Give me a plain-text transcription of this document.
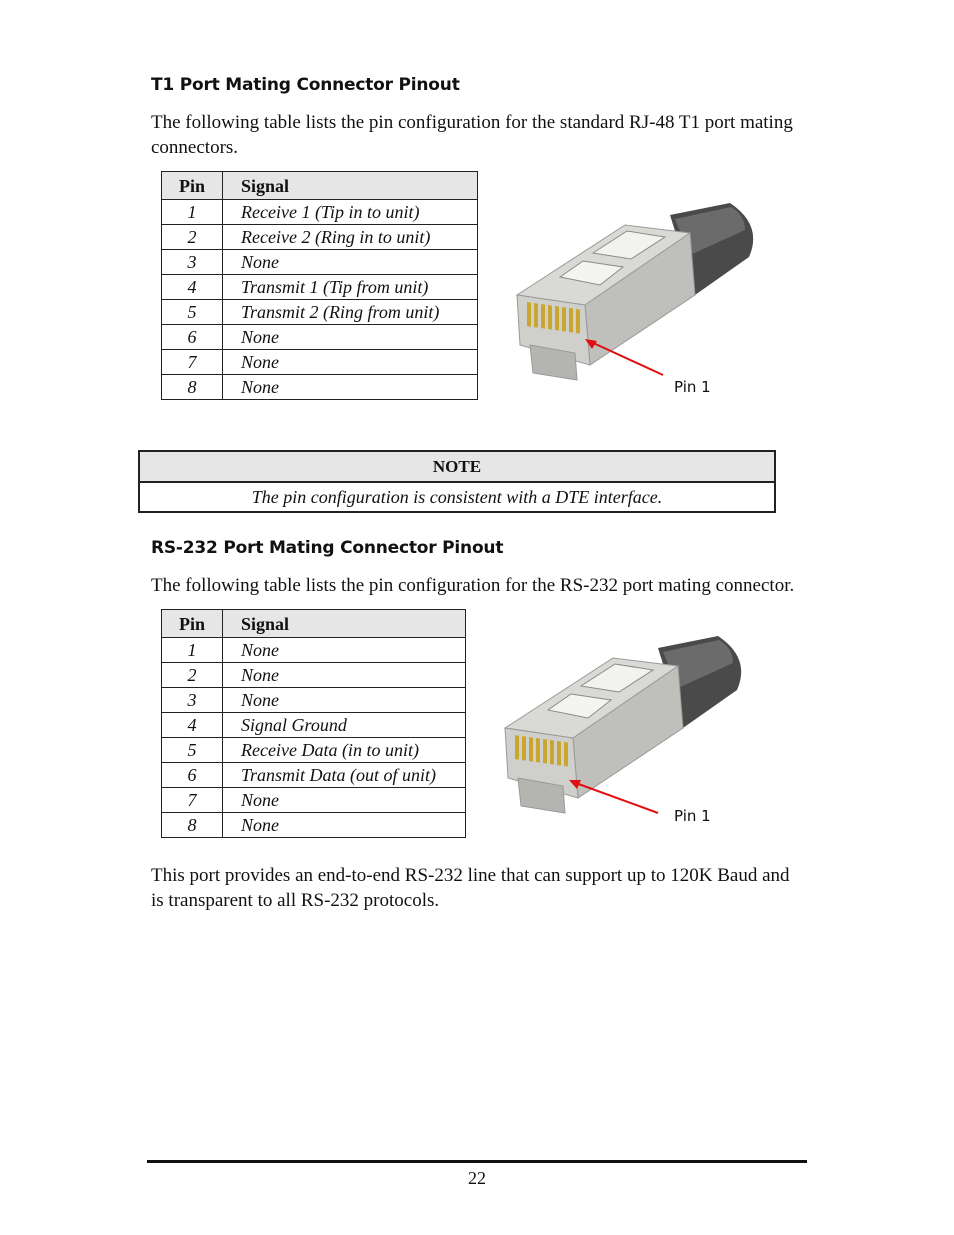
T1 Port Mating Connector Pinout
The following table lists the pin configuration for the standard RJ-48 T1 port mating
connectors.
Pin	Signal
1	Receive 1 (Tip in to unit)
2	Receive 2 (Ring in to unit)
3	None
4	Transmit 1 (Tip from unit)
5	Transmit 2 (Ring from unit)
6	None
7	None
8	None	Pin 1
NOTE
The pin configuration is consistent with a DTE interface.
RS-232 Port Mating Connector Pinout
The following table lists the pin configuration for the RS-232 port mating connector.
Pin	Signal
1	None
2	None
3	None
4	Signal Ground
5	Receive Data (in to unit)
6	Transmit Data (out of unit)
7	None
8	None	Pin 1
This port provides an end-to-end RS-232 line that can support up to 120K Baud and
is transparent to all RS-232 protocols.
22
